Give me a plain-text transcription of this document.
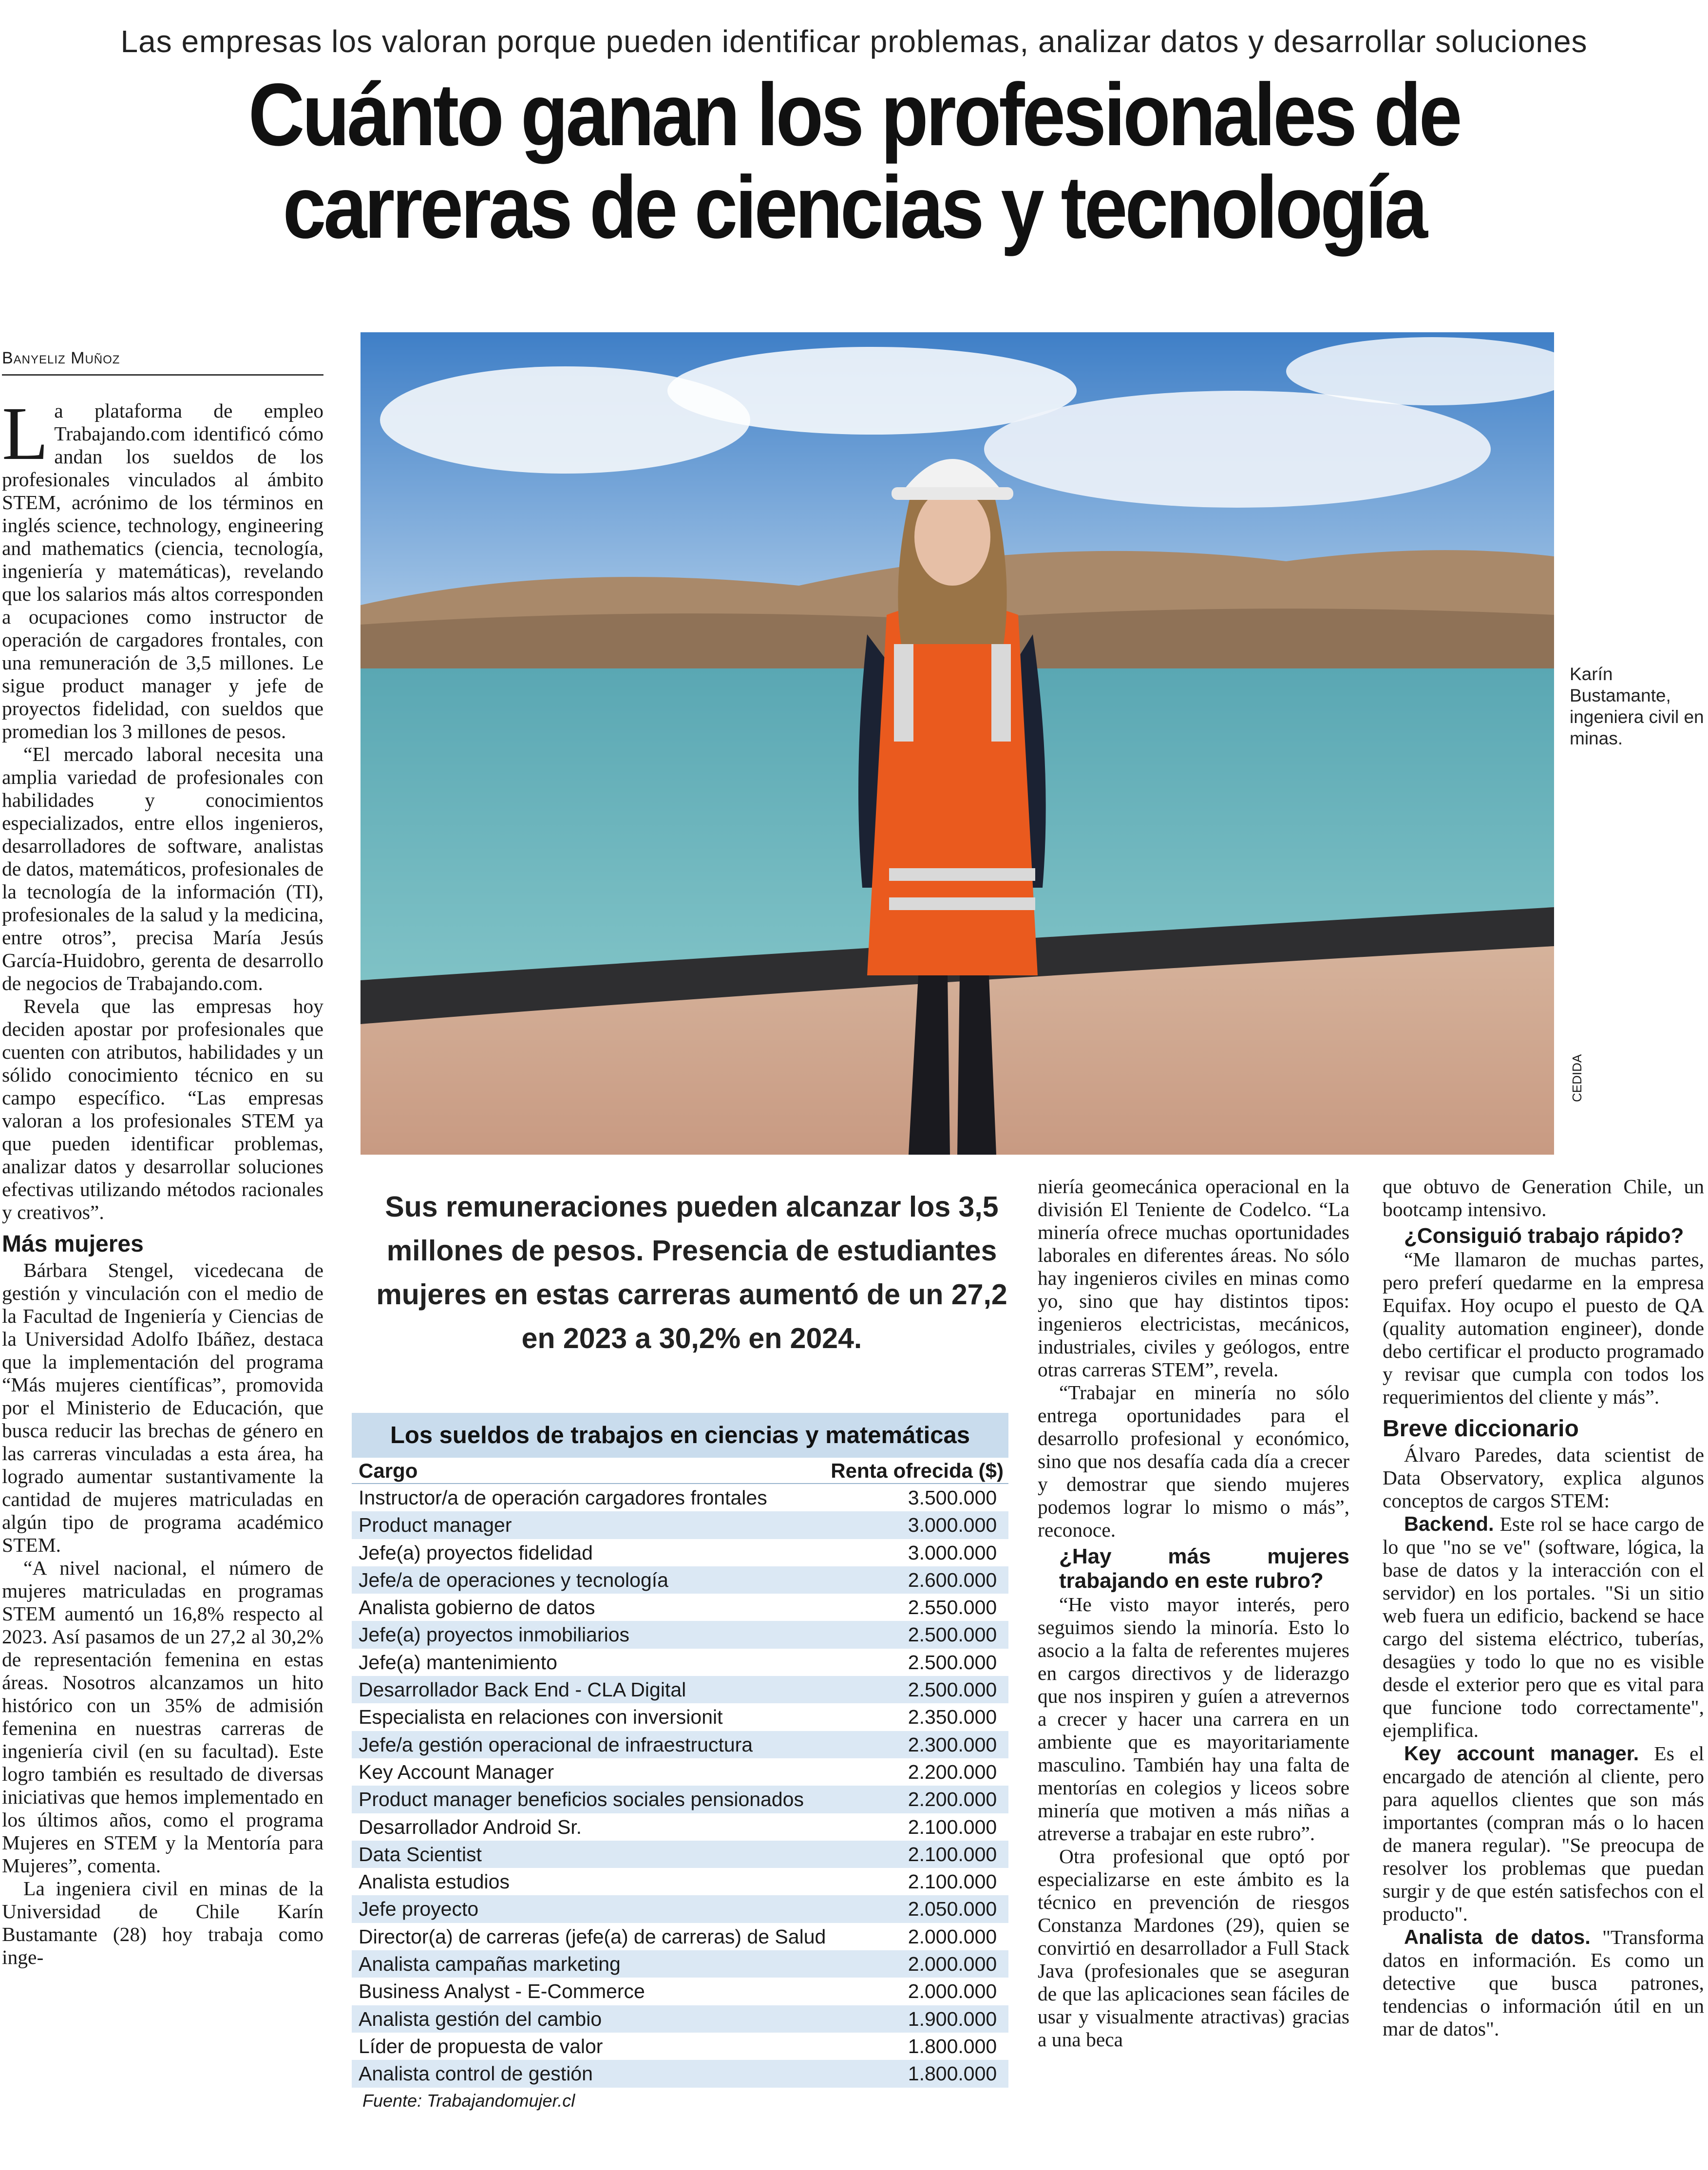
Las empresas los valoran porque pueden identificar problemas, analizar datos y desarrollar soluciones
Cuánto ganan los profesionales de
carreras de ciencias y tecnología
Banyeliz Muñoz

La plataforma de empleo Trabajando.com identificó cómo andan los sueldos de los profesionales vinculados al ámbito STEM, acrónimo de los términos en inglés science, technology, engineering and mathematics (ciencia, tecnología, ingeniería y matemáticas), revelando que los salarios más altos corresponden a ocupaciones como instructor de operación de cargadores frontales, con una remuneración de 3,5 millones. Le sigue product manager y jefe de proyectos fidelidad, con sueldos que promedian los 3 millones de pesos.

“El mercado laboral necesita una amplia variedad de profesionales con habilidades y conocimientos especializados, entre ellos ingenieros, desarrolladores de software, analistas de datos, matemáticos, profesionales de la tecnología de la información (TI), profesionales de la salud y la medicina, entre otros”, precisa María Jesús García-Huidobro, gerenta de desarrollo de negocios de Trabajando.com.

Revela que las empresas hoy deciden apostar por profesionales que cuenten con atributos, habilidades y un sólido conocimiento técnico en su campo específico. “Las empresas valoran a los profesionales STEM ya que pueden identificar problemas, analizar datos y desarrollar soluciones efectivas utilizando métodos racionales y creativos”.

Más mujeres

Bárbara Stengel, vicedecana de gestión y vinculación con el medio de la Facultad de Ingeniería y Ciencias de la Universidad Adolfo Ibáñez, destaca que la implementación del programa “Más mujeres científicas”, promovida por el Ministerio de Educación, que busca reducir las brechas de género en las carreras vinculadas a esta área, ha logrado aumentar sustantivamente la cantidad de mujeres matriculadas en algún tipo de programa académico STEM.

“A nivel nacional, el número de mujeres matriculadas en programas STEM aumentó un 16,8% respecto al 2023. Así pasamos de un 27,2 al 30,2% de representación femenina en estas áreas. Nosotros alcanzamos un hito histórico con un 35% de admisión femenina en nuestras carreras de ingeniería civil (en su facultad). Este logro también es resultado de diversas iniciativas que hemos implementado en los últimos años, como el programa Mujeres en STEM y la Mentoría para Mujeres”, comenta.

La ingeniera civil en minas de la Universidad de Chile Karín Bustamante (28) hoy trabaja como inge-

CEDIDA
Karín Bustamante, ingeniera civil en minas.
Sus remuneraciones pueden alcanzar los 3,5 millones de pesos. Presencia de estudiantes mujeres en estas carreras aumentó de un 27,2 en 2023 a 30,2% en 2024.
Los sueldos de trabajos en ciencias y matemáticas
Cargo	Renta ofrecida ($)
Instructor/a de operación cargadores frontales	3.500.000
Product manager	3.000.000
Jefe(a) proyectos fidelidad	3.000.000
Jefe/a de operaciones y tecnología	2.600.000
Analista gobierno de datos	2.550.000
Jefe(a) proyectos inmobiliarios	2.500.000
Jefe(a) mantenimiento	2.500.000
Desarrollador Back End - CLA Digital	2.500.000
Especialista en relaciones con inversionit	2.350.000
Jefe/a gestión operacional de infraestructura	2.300.000
Key Account Manager	2.200.000
Product manager beneficios sociales pensionados	2.200.000
Desarrollador Android Sr.	2.100.000
Data Scientist	2.100.000
Analista estudios	2.100.000
Jefe proyecto	2.050.000
Director(a) de carreras (jefe(a) de carreras) de Salud	2.000.000
Analista campañas marketing	2.000.000
Business Analyst - E-Commerce	2.000.000
Analista gestión del cambio	1.900.000
Líder de propuesta de valor	1.800.000
Analista control de gestión	1.800.000
Fuente: Trabajandomujer.cl

niería geomecánica operacional en la división El Teniente de Codelco. “La minería ofrece muchas oportunidades laborales en diferentes áreas. No sólo hay ingenieros civiles en minas como yo, sino que hay distintos tipos: ingenieros electricistas, mecánicos, industriales, civiles y geólogos, entre otras carreras STEM”, revela.

“Trabajar en minería no sólo entrega oportunidades para el desarrollo profesional y económico, sino que nos desafía cada día a crecer y demostrar que siendo mujeres podemos lograr lo mismo o más”, reconoce.

¿Hay más mujeres trabajando en este rubro?

“He visto mayor interés, pero seguimos siendo la minoría. Esto lo asocio a la falta de referentes mujeres en cargos directivos y de liderazgo que nos inspiren y guíen a atrevernos a crecer y hacer una carrera en un ambiente que es mayoritariamente masculino. También hay una falta de mentorías en colegios y liceos sobre minería que motiven a más niñas a atreverse a trabajar en este rubro”.

Otra profesional que optó por especializarse en este ámbito es la técnico en prevención de riesgos Constanza Mardones (29), quien se convirtió en desarrollador a Full Stack Java (profesionales que se aseguran de que las aplicaciones sean fáciles de usar y visualmente atractivas) gracias a una beca

que obtuvo de Generation Chile, un bootcamp intensivo.

¿Consiguió trabajo rápido?

“Me llamaron de muchas partes, pero preferí quedarme en la empresa Equifax. Hoy ocupo el puesto de QA (quality automation engineer), donde debo certificar el producto programado y revisar que cumpla con todos los requerimientos del cliente y más”.

Breve diccionario

Álvaro Paredes, data scientist de Data Observatory, explica algunos conceptos de cargos STEM:

Backend. Este rol se hace cargo de lo que "no se ve" (software, lógica, la base de datos y la interacción con el servidor) en los portales. "Si un sitio web fuera un edificio, backend se hace cargo del sistema eléctrico, tuberías, desagües y todo lo que no es visible desde el exterior pero que es vital para que funcione todo correctamente", ejemplifica.

Key account manager. Es el encargado de atención al cliente, pero para aquellos clientes que son más importantes (compran más o lo hacen de manera regular). "Se preocupa de resolver los problemas que puedan surgir y de que estén satisfechos con el producto".

Analista de datos. "Transforma datos en información. Es como un detective que busca patrones, tendencias o información útil en un mar de datos".
